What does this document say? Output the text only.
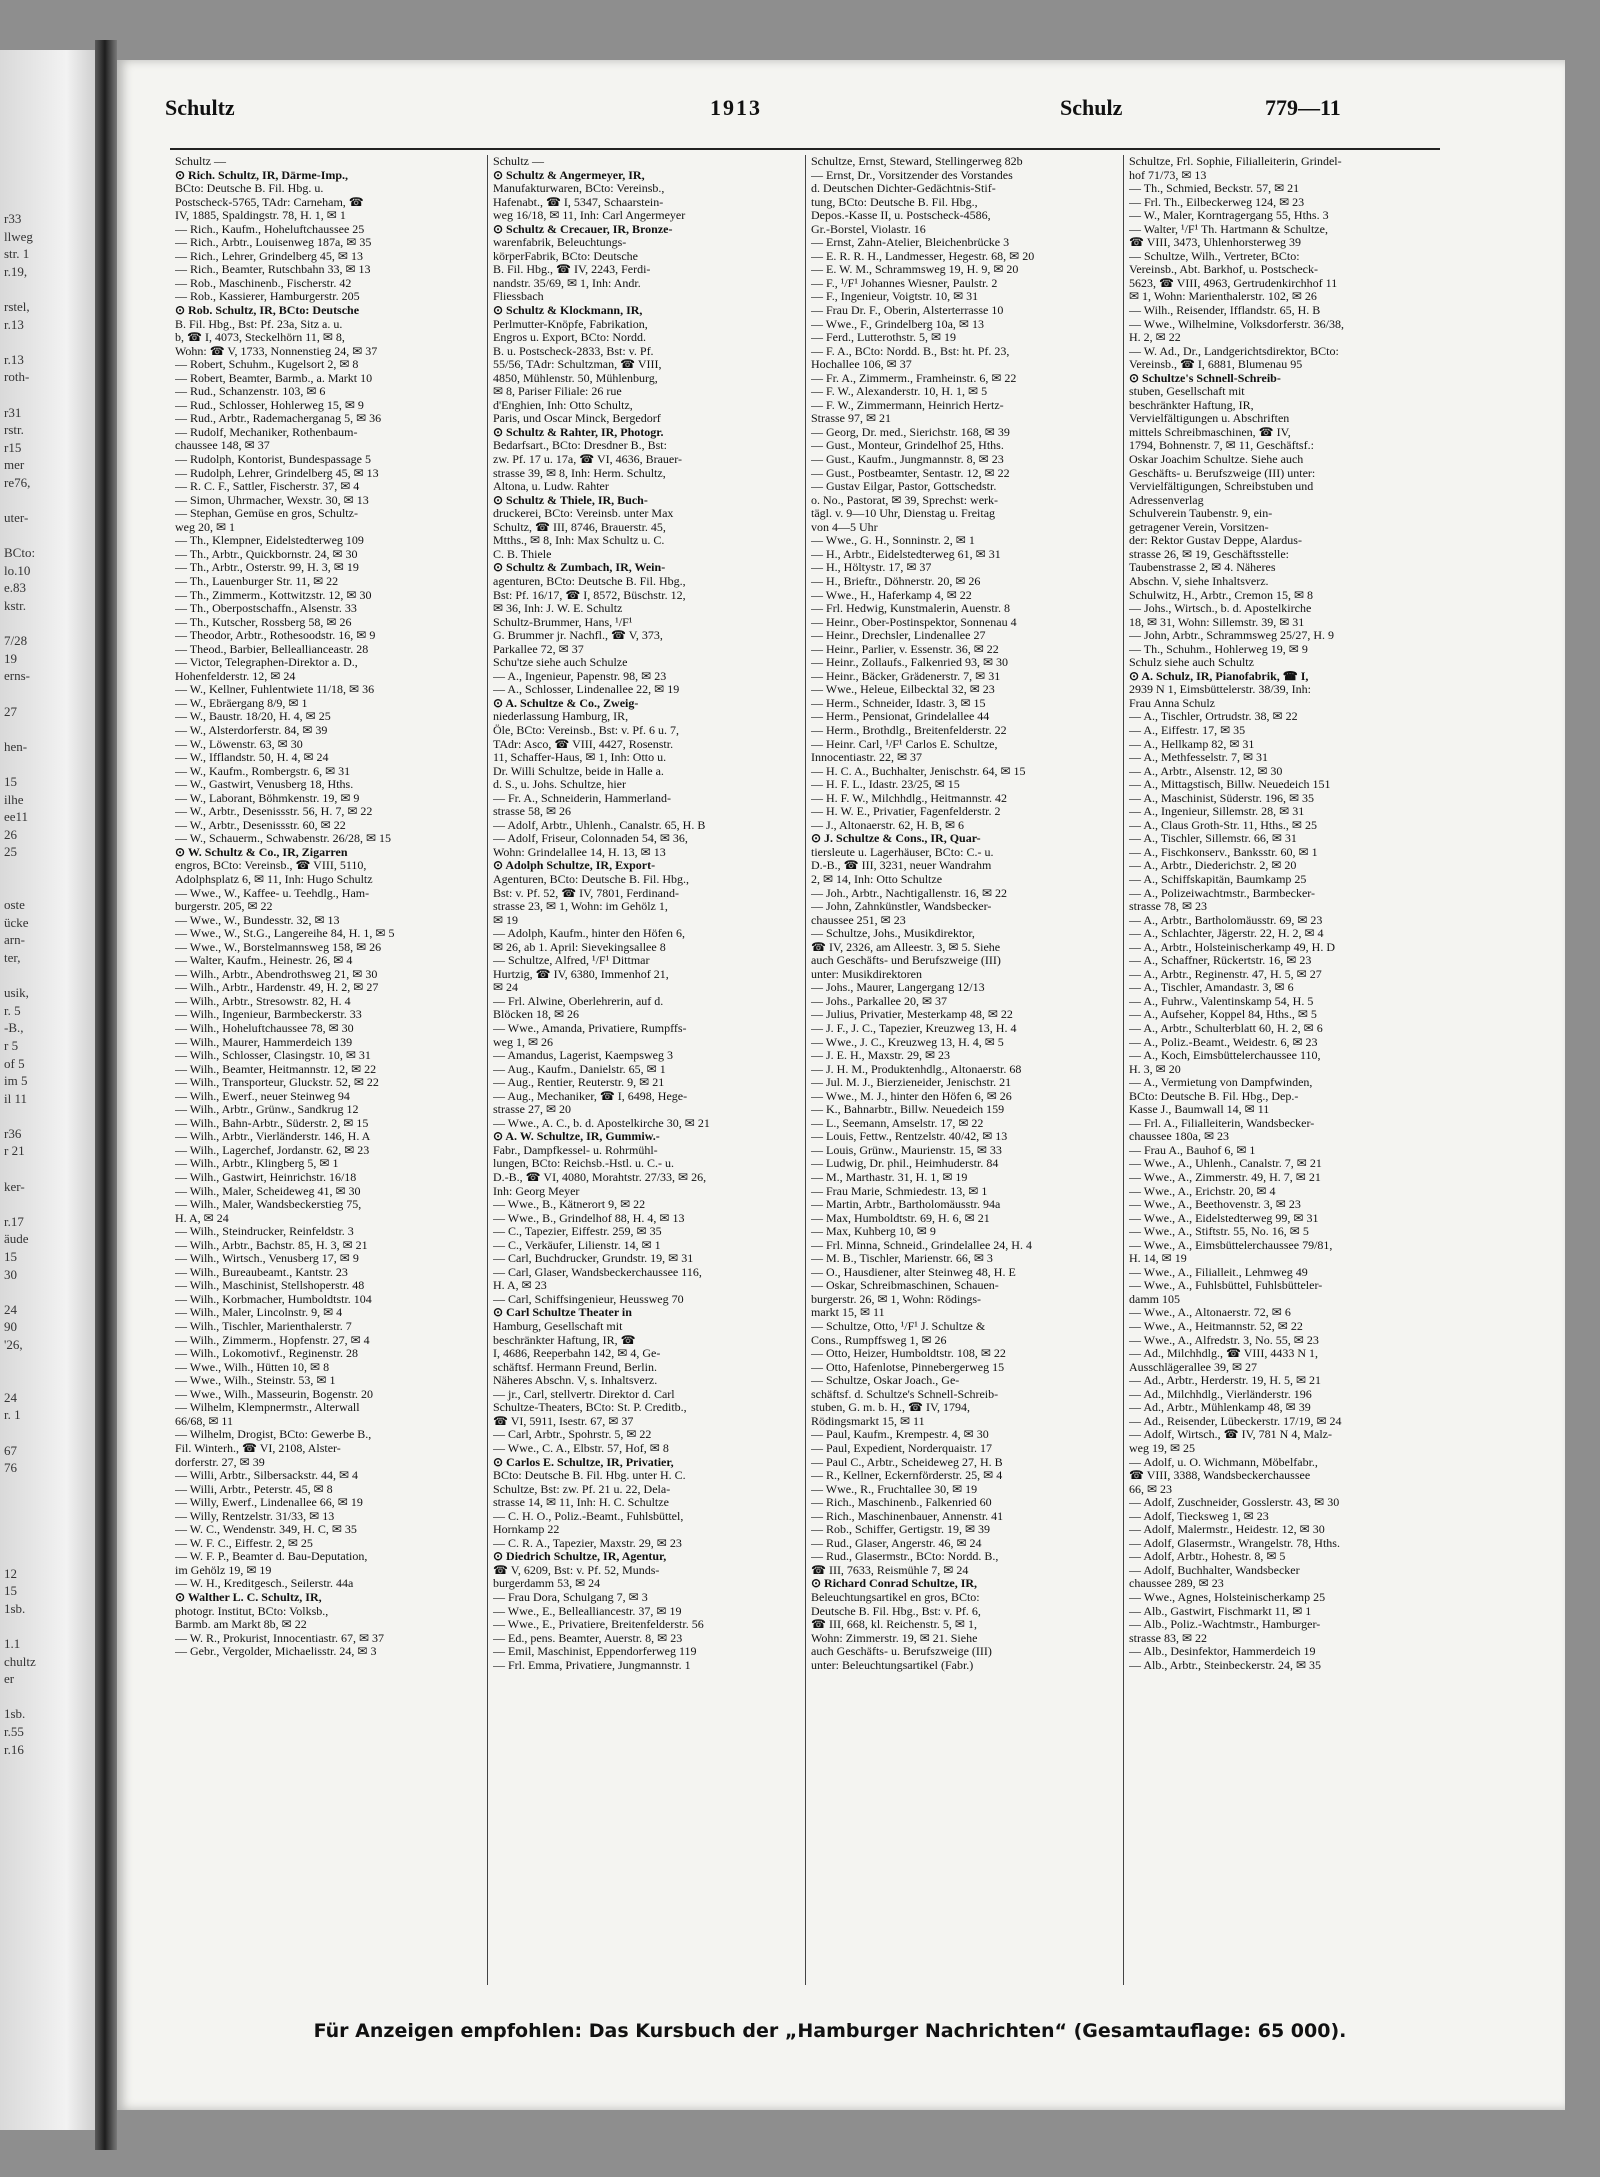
r33
llweg
str. 1
r.19,

rstel,
r.13

r.13
roth-

r31
rstr.
r15
mer
re76,

uter-

BCto:
lo.10
e.83
kstr.

7/28
19
erns-

27

hen-

15
ilhe
ee11
26
25

oste
ücke
arn-
ter,

usik,
r. 5
-B.,
r 5
of 5
im 5
il 11

r36
r 21

ker-

r.17
äude
15
30

24
90
'26,

24
r. 1

67
76

12
15
1sb.

1.1
chultz
er

1sb.
r.55
r.16
Schultz	1913	Schulz	779—11
Schultz —
⊙ Rich. Schultz, IR, Därme-Imp.,
BCto: Deutsche B. Fil. Hbg. u.
Postscheck-5765, TAdr: Carneham, ☎
IV, 1885, Spaldingstr. 78, H. 1, ✉ 1
— Rich., Kaufm., Hoheluftchaussee 25
— Rich., Arbtr., Louisenweg 187a, ✉ 35
— Rich., Lehrer, Grindelberg 45, ✉ 13
— Rich., Beamter, Rutschbahn 33, ✉ 13
— Rob., Maschinenb., Fischerstr. 42
— Rob., Kassierer, Hamburgerstr. 205
⊙ Rob. Schultz, IR, BCto: Deutsche
B. Fil. Hbg., Bst: Pf. 23a, Sitz a. u.
b, ☎ I, 4073, Steckelhörn 11, ✉ 8,
Wohn: ☎ V, 1733, Nonnenstieg 24, ✉ 37
— Robert, Schuhm., Kugelsort 2, ✉ 8
— Robert, Beamter, Barmb., a. Markt 10
— Rud., Schanzenstr. 103, ✉ 6
— Rud., Schlosser, Hohlerweg 15, ✉ 9
— Rud., Arbtr., Rademacherganag 5, ✉ 36
— Rudolf, Mechaniker, Rothenbaum-
chaussee 148, ✉ 37
— Rudolph, Kontorist, Bundespassage 5
— Rudolph, Lehrer, Grindelberg 45, ✉ 13
— R. C. F., Sattler, Fischerstr. 37, ✉ 4
— Simon, Uhrmacher, Wexstr. 30, ✉ 13
— Stephan, Gemüse en gros, Schultz-
weg 20, ✉ 1
— Th., Klempner, Eidelstedterweg 109
— Th., Arbtr., Quickbornstr. 24, ✉ 30
— Th., Arbtr., Osterstr. 99, H. 3, ✉ 19
— Th., Lauenburger Str. 11, ✉ 22
— Th., Zimmerm., Kottwitzstr. 12, ✉ 30
— Th., Oberpostschaffn., Alsenstr. 33
— Th., Kutscher, Rossberg 58, ✉ 26
— Theodor, Arbtr., Rothesoodstr. 16, ✉ 9
— Theod., Barbier, Belleallianceastr. 28
— Victor, Telegraphen-Direktor a. D.,
Hohenfelderstr. 12, ✉ 24
— W., Kellner, Fuhlentwiete 11/18, ✉ 36
— W., Ebräergang 8/9, ✉ 1
— W., Baustr. 18/20, H. 4, ✉ 25
— W., Alsterdorferstr. 84, ✉ 39
— W., Löwenstr. 63, ✉ 30
— W., Ifflandstr. 50, H. 4, ✉ 24
— W., Kaufm., Rombergstr. 6, ✉ 31
— W., Gastwirt, Venusberg 18, Hths.
— W., Laborant, Böhmkenstr. 19, ✉ 9
— W., Arbtr., Desenissstr. 56, H. 7, ✉ 22
— W., Arbtr., Desenissstr. 60, ✉ 22
— W., Schauerm., Schwabenstr. 26/28, ✉ 15
⊙ W. Schultz & Co., IR, Zigarren
engros, BCto: Vereinsb., ☎ VIII, 5110,
Adolphsplatz 6, ✉ 11, Inh: Hugo Schultz
— Wwe., W., Kaffee- u. Teehdlg., Ham-
burgerstr. 205, ✉ 22
— Wwe., W., Bundesstr. 32, ✉ 13
— Wwe., W., St.G., Langereihe 84, H. 1, ✉ 5
— Wwe., W., Borstelmannsweg 158, ✉ 26
— Walter, Kaufm., Heinestr. 26, ✉ 4
— Wilh., Arbtr., Abendrothsweg 21, ✉ 30
— Wilh., Arbtr., Hardenstr. 49, H. 2, ✉ 27
— Wilh., Arbtr., Stresowstr. 82, H. 4
— Wilh., Ingenieur, Barmbeckerstr. 33
— Wilh., Hoheluftchaussee 78, ✉ 30
— Wilh., Maurer, Hammerdeich 139
— Wilh., Schlosser, Clasingstr. 10, ✉ 31
— Wilh., Beamter, Heitmannstr. 12, ✉ 22
— Wilh., Transporteur, Gluckstr. 52, ✉ 22
— Wilh., Ewerf., neuer Steinweg 94
— Wilh., Arbtr., Grünw., Sandkrug 12
— Wilh., Bahn-Arbtr., Süderstr. 2, ✉ 15
— Wilh., Arbtr., Vierländerstr. 146, H. A
— Wilh., Lagerchef, Jordanstr. 62, ✉ 23
— Wilh., Arbtr., Klingberg 5, ✉ 1
— Wilh., Gastwirt, Heinrichstr. 16/18
— Wilh., Maler, Scheideweg 41, ✉ 30
— Wilh., Maler, Wandsbeckerstieg 75,
H. A, ✉ 24
— Wilh., Steindrucker, Reinfeldstr. 3
— Wilh., Arbtr., Bachstr. 85, H. 3, ✉ 21
— Wilh., Wirtsch., Venusberg 17, ✉ 9
— Wilh., Bureaubeamt., Kantstr. 23
— Wilh., Maschinist, Stellshoperstr. 48
— Wilh., Korbmacher, Humboldtstr. 104
— Wilh., Maler, Lincolnstr. 9, ✉ 4
— Wilh., Tischler, Marienthalerstr. 7
— Wilh., Zimmerm., Hopfenstr. 27, ✉ 4
— Wilh., Lokomotivf., Reginenstr. 28
— Wwe., Wilh., Hütten 10, ✉ 8
— Wwe., Wilh., Steinstr. 53, ✉ 1
— Wwe., Wilh., Masseurin, Bogenstr. 20
— Wilhelm, Klempnermstr., Alterwall
66/68, ✉ 11
— Wilhelm, Drogist, BCto: Gewerbe B.,
Fil. Winterh., ☎ VI, 2108, Alster-
dorferstr. 27, ✉ 39
— Willi, Arbtr., Silbersackstr. 44, ✉ 4
— Willi, Arbtr., Peterstr. 45, ✉ 8
— Willy, Ewerf., Lindenallee 66, ✉ 19
— Willy, Rentzelstr. 31/33, ✉ 13
— W. C., Wendenstr. 349, H. C, ✉ 35
— W. F. C., Eiffestr. 2, ✉ 25
— W. F. P., Beamter d. Bau-Deputation,
im Gehölz 19, ✉ 19
— W. H., Kreditgesch., Seilerstr. 44a
⊙ Walther L. C. Schultz, IR,
photogr. Institut, BCto: Volksb.,
Barmb. am Markt 8b, ✉ 22
— W. R., Prokurist, Innocentiastr. 67, ✉ 37
— Gebr., Vergolder, Michaelisstr. 24, ✉ 3
Schultz —
⊙ Schultz & Angermeyer, IR,
Manufakturwaren, BCto: Vereinsb.,
Hafenabt., ☎ I, 5347, Schaarstein-
weg 16/18, ✉ 11, Inh: Carl Angermeyer
⊙ Schultz & Crecauer, IR, Bronze-
warenfabrik, Beleuchtungs-
körperFabrik, BCto: Deutsche
B. Fil. Hbg., ☎ IV, 2243, Ferdi-
nandstr. 35/69, ✉ 1, Inh: Andr.
Fliessbach
⊙ Schultz & Klockmann, IR,
Perlmutter-Knöpfe, Fabrikation,
Engros u. Export, BCto: Nordd.
B. u. Postscheck-2833, Bst: v. Pf.
55/56, TAdr: Schultzman, ☎ VIII,
4850, Mühlenstr. 50, Mühlenburg,
✉ 8, Pariser Filiale: 26 rue
d'Enghien, Inh: Otto Schultz,
Paris, und Oscar Minck, Bergedorf
⊙ Schultz & Rahter, IR, Photogr.
Bedarfsart., BCto: Dresdner B., Bst:
zw. Pf. 17 u. 17a, ☎ VI, 4636, Brauer-
strasse 39, ✉ 8, Inh: Herm. Schultz,
Altona, u. Ludw. Rahter
⊙ Schultz & Thiele, IR, Buch-
druckerei, BCto: Vereinsb. unter Max
Schultz, ☎ III, 8746, Brauerstr. 45,
Mtths., ✉ 8, Inh: Max Schultz u. C.
C. B. Thiele
⊙ Schultz & Zumbach, IR, Wein-
agenturen, BCto: Deutsche B. Fil. Hbg.,
Bst: Pf. 16/17, ☎ I, 8572, Büschstr. 12,
✉ 36, Inh: J. W. E. Schultz
Schultz-Brummer, Hans, ¹/F¹
G. Brummer jr. Nachfl., ☎ V, 373,
Parkallee 72, ✉ 37
Schu'tze siehe auch Schulze
— A., Ingenieur, Papenstr. 98, ✉ 23
— A., Schlosser, Lindenallee 22, ✉ 19
⊙ A. Schultze & Co., Zweig-
niederlassung Hamburg, IR,
Öle, BCto: Vereinsb., Bst: v. Pf. 6 u. 7,
TAdr: Asco, ☎ VIII, 4427, Rosenstr.
11, Schaffer-Haus, ✉ 1, Inh: Otto u.
Dr. Willi Schultze, beide in Halle a.
d. S., u. Johs. Schultze, hier
— Fr. A., Schneiderin, Hammerland-
strasse 58, ✉ 26
— Adolf, Arbtr., Uhlenh., Canalstr. 65, H. B
— Adolf, Friseur, Colonnaden 54, ✉ 36,
Wohn: Grindelallee 14, H. 13, ✉ 13
⊙ Adolph Schultze, IR, Export-
Agenturen, BCto: Deutsche B. Fil. Hbg.,
Bst: v. Pf. 52, ☎ IV, 7801, Ferdinand-
strasse 23, ✉ 1, Wohn: im Gehölz 1,
✉ 19
— Adolph, Kaufm., hinter den Höfen 6,
✉ 26, ab 1. April: Sievekingsallee 8
— Schultze, Alfred, ¹/F¹ Dittmar
Hurtzig, ☎ IV, 6380, Immenhof 21,
✉ 24
— Frl. Alwine, Oberlehrerin, auf d.
Blöcken 18, ✉ 26
— Wwe., Amanda, Privatiere, Rumpffs-
weg 1, ✉ 26
— Amandus, Lagerist, Kaempsweg 3
— Aug., Kaufm., Danielstr. 65, ✉ 1
— Aug., Rentier, Reuterstr. 9, ✉ 21
— Aug., Mechaniker, ☎ I, 6498, Hege-
strasse 27, ✉ 20
— Wwe., A. C., b. d. Apostelkirche 30, ✉ 21
⊙ A. W. Schultze, IR, Gummiw.-
Fabr., Dampfkessel- u. Rohrmühl-
lungen, BCto: Reichsb.-Hstl. u. C.- u.
D.-B., ☎ VI, 4080, Morahtstr. 27/33, ✉ 26,
Inh: Georg Meyer
— Wwe., B., Kätnerort 9, ✉ 22
— Wwe., B., Grindelhof 88, H. 4, ✉ 13
— C., Tapezier, Eiffestr. 259, ✉ 35
— C., Verkäufer, Lilienstr. 14, ✉ 1
— Carl, Buchdrucker, Grundstr. 19, ✉ 31
— Carl, Glaser, Wandsbeckerchaussee 116,
H. A, ✉ 23
— Carl, Schiffsingenieur, Heussweg 70
⊙ Carl Schultze Theater in
Hamburg, Gesellschaft mit
beschränkter Haftung, IR, ☎
I, 4686, Reeperbahn 142, ✉ 4, Ge-
schäftsf. Hermann Freund, Berlin.
Näheres Abschn. V, s. Inhaltsverz.
— jr., Carl, stellvertr. Direktor d. Carl
Schultze-Theaters, BCto: St. P. Creditb.,
☎ VI, 5911, Isestr. 67, ✉ 37
— Carl, Arbtr., Spohrstr. 5, ✉ 22
— Wwe., C. A., Elbstr. 57, Hof, ✉ 8
⊙ Carlos E. Schultze, IR, Privatier,
BCto: Deutsche B. Fil. Hbg. unter H. C.
Schultze, Bst: zw. Pf. 21 u. 22, Dela-
strasse 14, ✉ 11, Inh: H. C. Schultze
— C. H. O., Poliz.-Beamt., Fuhlsbüttel,
Hornkamp 22
— C. R. A., Tapezier, Maxstr. 29, ✉ 23
⊙ Diedrich Schultze, IR, Agentur,
☎ V, 6209, Bst: v. Pf. 52, Munds-
burgerdamm 53, ✉ 24
— Frau Dora, Schulgang 7, ✉ 3
— Wwe., E., Bellealliancestr. 37, ✉ 19
— Wwe., E., Privatiere, Breitenfelderstr. 56
— Ed., pens. Beamter, Auerstr. 8, ✉ 23
— Emil, Maschinist, Eppendorferweg 119
— Frl. Emma, Privatiere, Jungmannstr. 1
Schultze, Ernst, Steward, Stellingerweg 82b
— Ernst, Dr., Vorsitzender des Vorstandes
d. Deutschen Dichter-Gedächtnis-Stif-
tung, BCto: Deutsche B. Fil. Hbg.,
Depos.-Kasse II, u. Postscheck-4586,
Gr.-Borstel, Violastr. 16
— Ernst, Zahn-Atelier, Bleichenbrücke 3
— E. R. R. H., Landmesser, Hegestr. 68, ✉ 20
— E. W. M., Schrammsweg 19, H. 9, ✉ 20
— F., ¹/F¹ Johannes Wiesner, Paulstr. 2
— F., Ingenieur, Voigtstr. 10, ✉ 31
— Frau Dr. F., Oberin, Alsterterrasse 10
— Wwe., F., Grindelberg 10a, ✉ 13
— Ferd., Lutterothstr. 5, ✉ 19
— F. A., BCto: Nordd. B., Bst: ht. Pf. 23,
Hochallee 106, ✉ 37
— Fr. A., Zimmerm., Framheinstr. 6, ✉ 22
— F. W., Alexanderstr. 10, H. 1, ✉ 5
— F. W., Zimmermann, Heinrich Hertz-
Strasse 97, ✉ 21
— Georg, Dr. med., Sierichstr. 168, ✉ 39
— Gust., Monteur, Grindelhof 25, Hths.
— Gust., Kaufm., Jungmannstr. 8, ✉ 23
— Gust., Postbeamter, Sentastr. 12, ✉ 22
— Gustav Eilgar, Pastor, Gottschedstr.
o. No., Pastorat, ✉ 39, Sprechst: werk-
tägl. v. 9—10 Uhr, Dienstag u. Freitag
von 4—5 Uhr
— Wwe., G. H., Sonninstr. 2, ✉ 1
— H., Arbtr., Eidelstedterweg 61, ✉ 31
— H., Höltystr. 17, ✉ 37
— H., Brieftr., Döhnerstr. 20, ✉ 26
— Wwe., H., Haferkamp 4, ✉ 22
— Frl. Hedwig, Kunstmalerin, Auenstr. 8
— Heinr., Ober-Postinspektor, Sonnenau 4
— Heinr., Drechsler, Lindenallee 27
— Heinr., Parlier, v. Essenstr. 36, ✉ 22
— Heinr., Zollaufs., Falkenried 93, ✉ 30
— Heinr., Bäcker, Grädenerstr. 7, ✉ 31
— Wwe., Heleue, Eilbecktal 32, ✉ 23
— Herm., Schneider, Idastr. 3, ✉ 15
— Herm., Pensionat, Grindelallee 44
— Herm., Brothdlg., Breitenfelderstr. 22
— Heinr. Carl, ¹/F¹ Carlos E. Schultze,
Innocentiastr. 22, ✉ 37
— H. C. A., Buchhalter, Jenischstr. 64, ✉ 15
— H. F. L., Idastr. 23/25, ✉ 15
— H. F. W., Milchhdlg., Heitmannstr. 42
— H. W. E., Privatier, Fagenfelderstr. 2
— J., Altonaerstr. 62, H. B, ✉ 6
⊙ J. Schultze & Cons., IR, Quar-
tiersleute u. Lagerhäuser, BCto: C.- u.
D.-B., ☎ III, 3231, neuer Wandrahm
2, ✉ 14, Inh: Otto Schultze
— Joh., Arbtr., Nachtigallenstr. 16, ✉ 22
— John, Zahnkünstler, Wandsbecker-
chaussee 251, ✉ 23
— Schultze, Johs., Musikdirektor,
☎ IV, 2326, am Alleestr. 3, ✉ 5. Siehe
auch Geschäfts- und Berufszweige (III)
unter: Musikdirektoren
— Johs., Maurer, Langergang 12/13
— Johs., Parkallee 20, ✉ 37
— Julius, Privatier, Mesterkamp 48, ✉ 22
— J. F., J. C., Tapezier, Kreuzweg 13, H. 4
— Wwe., J. C., Kreuzweg 13, H. 4, ✉ 5
— J. E. H., Maxstr. 29, ✉ 23
— J. H. M., Produktenhdlg., Altonaerstr. 68
— Jul. M. J., Bierzieneider, Jenischstr. 21
— Wwe., M. J., hinter den Höfen 6, ✉ 26
— K., Bahnarbtr., Billw. Neuedeich 159
— L., Seemann, Amselstr. 17, ✉ 22
— Louis, Fettw., Rentzelstr. 40/42, ✉ 13
— Louis, Grünw., Maurienstr. 15, ✉ 33
— Ludwig, Dr. phil., Heimhuderstr. 84
— M., Marthastr. 31, H. 1, ✉ 19
— Frau Marie, Schmiedestr. 13, ✉ 1
— Martin, Arbtr., Bartholomäusstr. 94a
— Max, Humboldtstr. 69, H. 6, ✉ 21
— Max, Kuhberg 10, ✉ 9
— Frl. Minna, Schneid., Grindelallee 24, H. 4
— M. B., Tischler, Marienstr. 66, ✉ 3
— O., Hausdiener, alter Steinweg 48, H. E
— Oskar, Schreibmaschinen, Schauen-
burgerstr. 26, ✉ 1, Wohn: Rödings-
markt 15, ✉ 11
— Schultze, Otto, ¹/F¹ J. Schultze &
Cons., Rumpffsweg 1, ✉ 26
— Otto, Heizer, Humboldtstr. 108, ✉ 22
— Otto, Hafenlotse, Pinnebergerweg 15
— Schultze, Oskar Joach., Ge-
schäftsf. d. Schultze's Schnell-Schreib-
stuben, G. m. b. H., ☎ IV, 1794,
Rödingsmarkt 15, ✉ 11
— Paul, Kaufm., Krempestr. 4, ✉ 30
— Paul, Expedient, Norderquaistr. 17
— Paul C., Arbtr., Scheideweg 27, H. B
— R., Kellner, Eckernförderstr. 25, ✉ 4
— Wwe., R., Fruchtallee 30, ✉ 19
— Rich., Maschinenb., Falkenried 60
— Rich., Maschinenbauer, Annenstr. 41
— Rob., Schiffer, Gertigstr. 19, ✉ 39
— Rud., Glaser, Angerstr. 46, ✉ 24
— Rud., Glasermstr., BCto: Nordd. B.,
☎ III, 7633, Reismühle 7, ✉ 24
⊙ Richard Conrad Schultze, IR,
Beleuchtungsartikel en gros, BCto:
Deutsche B. Fil. Hbg., Bst: v. Pf. 6,
☎ III, 668, kl. Reichenstr. 5, ✉ 1,
Wohn: Zimmerstr. 19, ✉ 21. Siehe
auch Geschäfts- u. Berufszweige (III)
unter: Beleuchtungsartikel (Fabr.)
Schultze, Frl. Sophie, Filialleiterin, Grindel-
hof 71/73, ✉ 13
— Th., Schmied, Beckstr. 57, ✉ 21
— Frl. Th., Eilbeckerweg 124, ✉ 23
— W., Maler, Korntragergang 55, Hths. 3
— Walter, ¹/F¹ Th. Hartmann & Schultze,
☎ VIII, 3473, Uhlenhorsterweg 39
— Schultze, Wilh., Vertreter, BCto:
Vereinsb., Abt. Barkhof, u. Postscheck-
5623, ☎ VIII, 4963, Gertrudenkirchhof 11
✉ 1, Wohn: Marienthalerstr. 102, ✉ 26
— Wilh., Reisender, Ifflandstr. 65, H. B
— Wwe., Wilhelmine, Volksdorferstr. 36/38,
H. 2, ✉ 22
— W. Ad., Dr., Landgerichtsdirektor, BCto:
Vereinsb., ☎ I, 6881, Blumenau 95
⊙ Schultze's Schnell-Schreib-
stuben, Gesellschaft mit
beschränkter Haftung, IR,
Vervielfältigungen u. Abschriften
mittels Schreibmaschinen, ☎ IV,
1794, Bohnenstr. 7, ✉ 11, Geschäftsf.:
Oskar Joachim Schultze. Siehe auch
Geschäfts- u. Berufszweige (III) unter:
Vervielfältigungen, Schreibstuben und
Adressenverlag
Schulverein Taubenstr. 9, ein-
getragener Verein, Vorsitzen-
der: Rektor Gustav Deppe, Alardus-
strasse 26, ✉ 19, Geschäftsstelle:
Taubenstrasse 2, ✉ 4. Näheres
Abschn. V, siehe Inhaltsverz.
Schulwitz, H., Arbtr., Cremon 15, ✉ 8
— Johs., Wirtsch., b. d. Apostelkirche
18, ✉ 31, Wohn: Sillemstr. 39, ✉ 31
— John, Arbtr., Schrammsweg 25/27, H. 9
— Th., Schuhm., Hohlerweg 19, ✉ 9
Schulz siehe auch Schultz
⊙ A. Schulz, IR, Pianofabrik, ☎ I,
2939 N 1, Eimsbüttelerstr. 38/39, Inh:
Frau Anna Schulz
— A., Tischler, Ortrudstr. 38, ✉ 22
— A., Eiffestr. 17, ✉ 35
— A., Hellkamp 82, ✉ 31
— A., Methfesselstr. 7, ✉ 31
— A., Arbtr., Alsenstr. 12, ✉ 30
— A., Mittagstisch, Billw. Neuedeich 151
— A., Maschinist, Süderstr. 196, ✉ 35
— A., Ingenieur, Sillemstr. 28, ✉ 31
— A., Claus Groth-Str. 11, Hths., ✉ 25
— A., Tischler, Sillemstr. 66, ✉ 31
— A., Fischkonserv., Banksstr. 60, ✉ 1
— A., Arbtr., Diederichstr. 2, ✉ 20
— A., Schiffskapitän, Baumkamp 25
— A., Polizeiwachtmstr., Barmbecker-
strasse 78, ✉ 23
— A., Arbtr., Bartholomäusstr. 69, ✉ 23
— A., Schlachter, Jägerstr. 22, H. 2, ✉ 4
— A., Arbtr., Holsteinischerkamp 49, H. D
— A., Schaffner, Rückertstr. 16, ✉ 23
— A., Arbtr., Reginenstr. 47, H. 5, ✉ 27
— A., Tischler, Amandastr. 3, ✉ 6
— A., Fuhrw., Valentinskamp 54, H. 5
— A., Aufseher, Koppel 84, Hths., ✉ 5
— A., Arbtr., Schulterblatt 60, H. 2, ✉ 6
— A., Poliz.-Beamt., Weidestr. 6, ✉ 23
— A., Koch, Eimsbüttelerchaussee 110,
H. 3, ✉ 20
— A., Vermietung von Dampfwinden,
BCto: Deutsche B. Fil. Hbg., Dep.-
Kasse J., Baumwall 14, ✉ 11
— Frl. A., Filialleiterin, Wandsbecker-
chaussee 180a, ✉ 23
— Frau A., Bauhof 6, ✉ 1
— Wwe., A., Uhlenh., Canalstr. 7, ✉ 21
— Wwe., A., Zimmerstr. 49, H. 7, ✉ 21
— Wwe., A., Erichstr. 20, ✉ 4
— Wwe., A., Beethovenstr. 3, ✉ 23
— Wwe., A., Eidelstedterweg 99, ✉ 31
— Wwe., A., Stiftstr. 55, No. 16, ✉ 5
— Wwe., A., Eimsbüttelerchaussee 79/81,
H. 14, ✉ 19
— Wwe., A., Filialleit., Lehmweg 49
— Wwe., A., Fuhlsbüttel, Fuhlsbütteler-
damm 105
— Wwe., A., Altonaerstr. 72, ✉ 6
— Wwe., A., Heitmannstr. 52, ✉ 22
— Wwe., A., Alfredstr. 3, No. 55, ✉ 23
— Ad., Milchhdlg., ☎ VIII, 4433 N 1,
Ausschlägerallee 39, ✉ 27
— Ad., Arbtr., Herderstr. 19, H. 5, ✉ 21
— Ad., Milchhdlg., Vierländerstr. 196
— Ad., Arbtr., Mühlenkamp 48, ✉ 39
— Ad., Reisender, Lübeckerstr. 17/19, ✉ 24
— Adolf, Wirtsch., ☎ IV, 781 N 4, Malz-
weg 19, ✉ 25
— Adolf, u. O. Wichmann, Möbelfabr.,
☎ VIII, 3388, Wandsbeckerchaussee
66, ✉ 23
— Adolf, Zuschneider, Gosslerstr. 43, ✉ 30
— Adolf, Tiecksweg 1, ✉ 23
— Adolf, Malermstr., Heidestr. 12, ✉ 30
— Adolf, Glasermstr., Wrangelstr. 78, Hths.
— Adolf, Arbtr., Hohestr. 8, ✉ 5
— Adolf, Buchhalter, Wandsbecker
chaussee 289, ✉ 23
— Wwe., Agnes, Holsteinischerkamp 25
— Alb., Gastwirt, Fischmarkt 11, ✉ 1
— Alb., Poliz.-Wachtmstr., Hamburger-
strasse 83, ✉ 22
— Alb., Desinfektor, Hammerdeich 19
— Alb., Arbtr., Steinbeckerstr. 24, ✉ 35
Für Anzeigen empfohlen: Das Kursbuch der „Hamburger Nachrichten“ (Gesamtauflage: 65 000).
